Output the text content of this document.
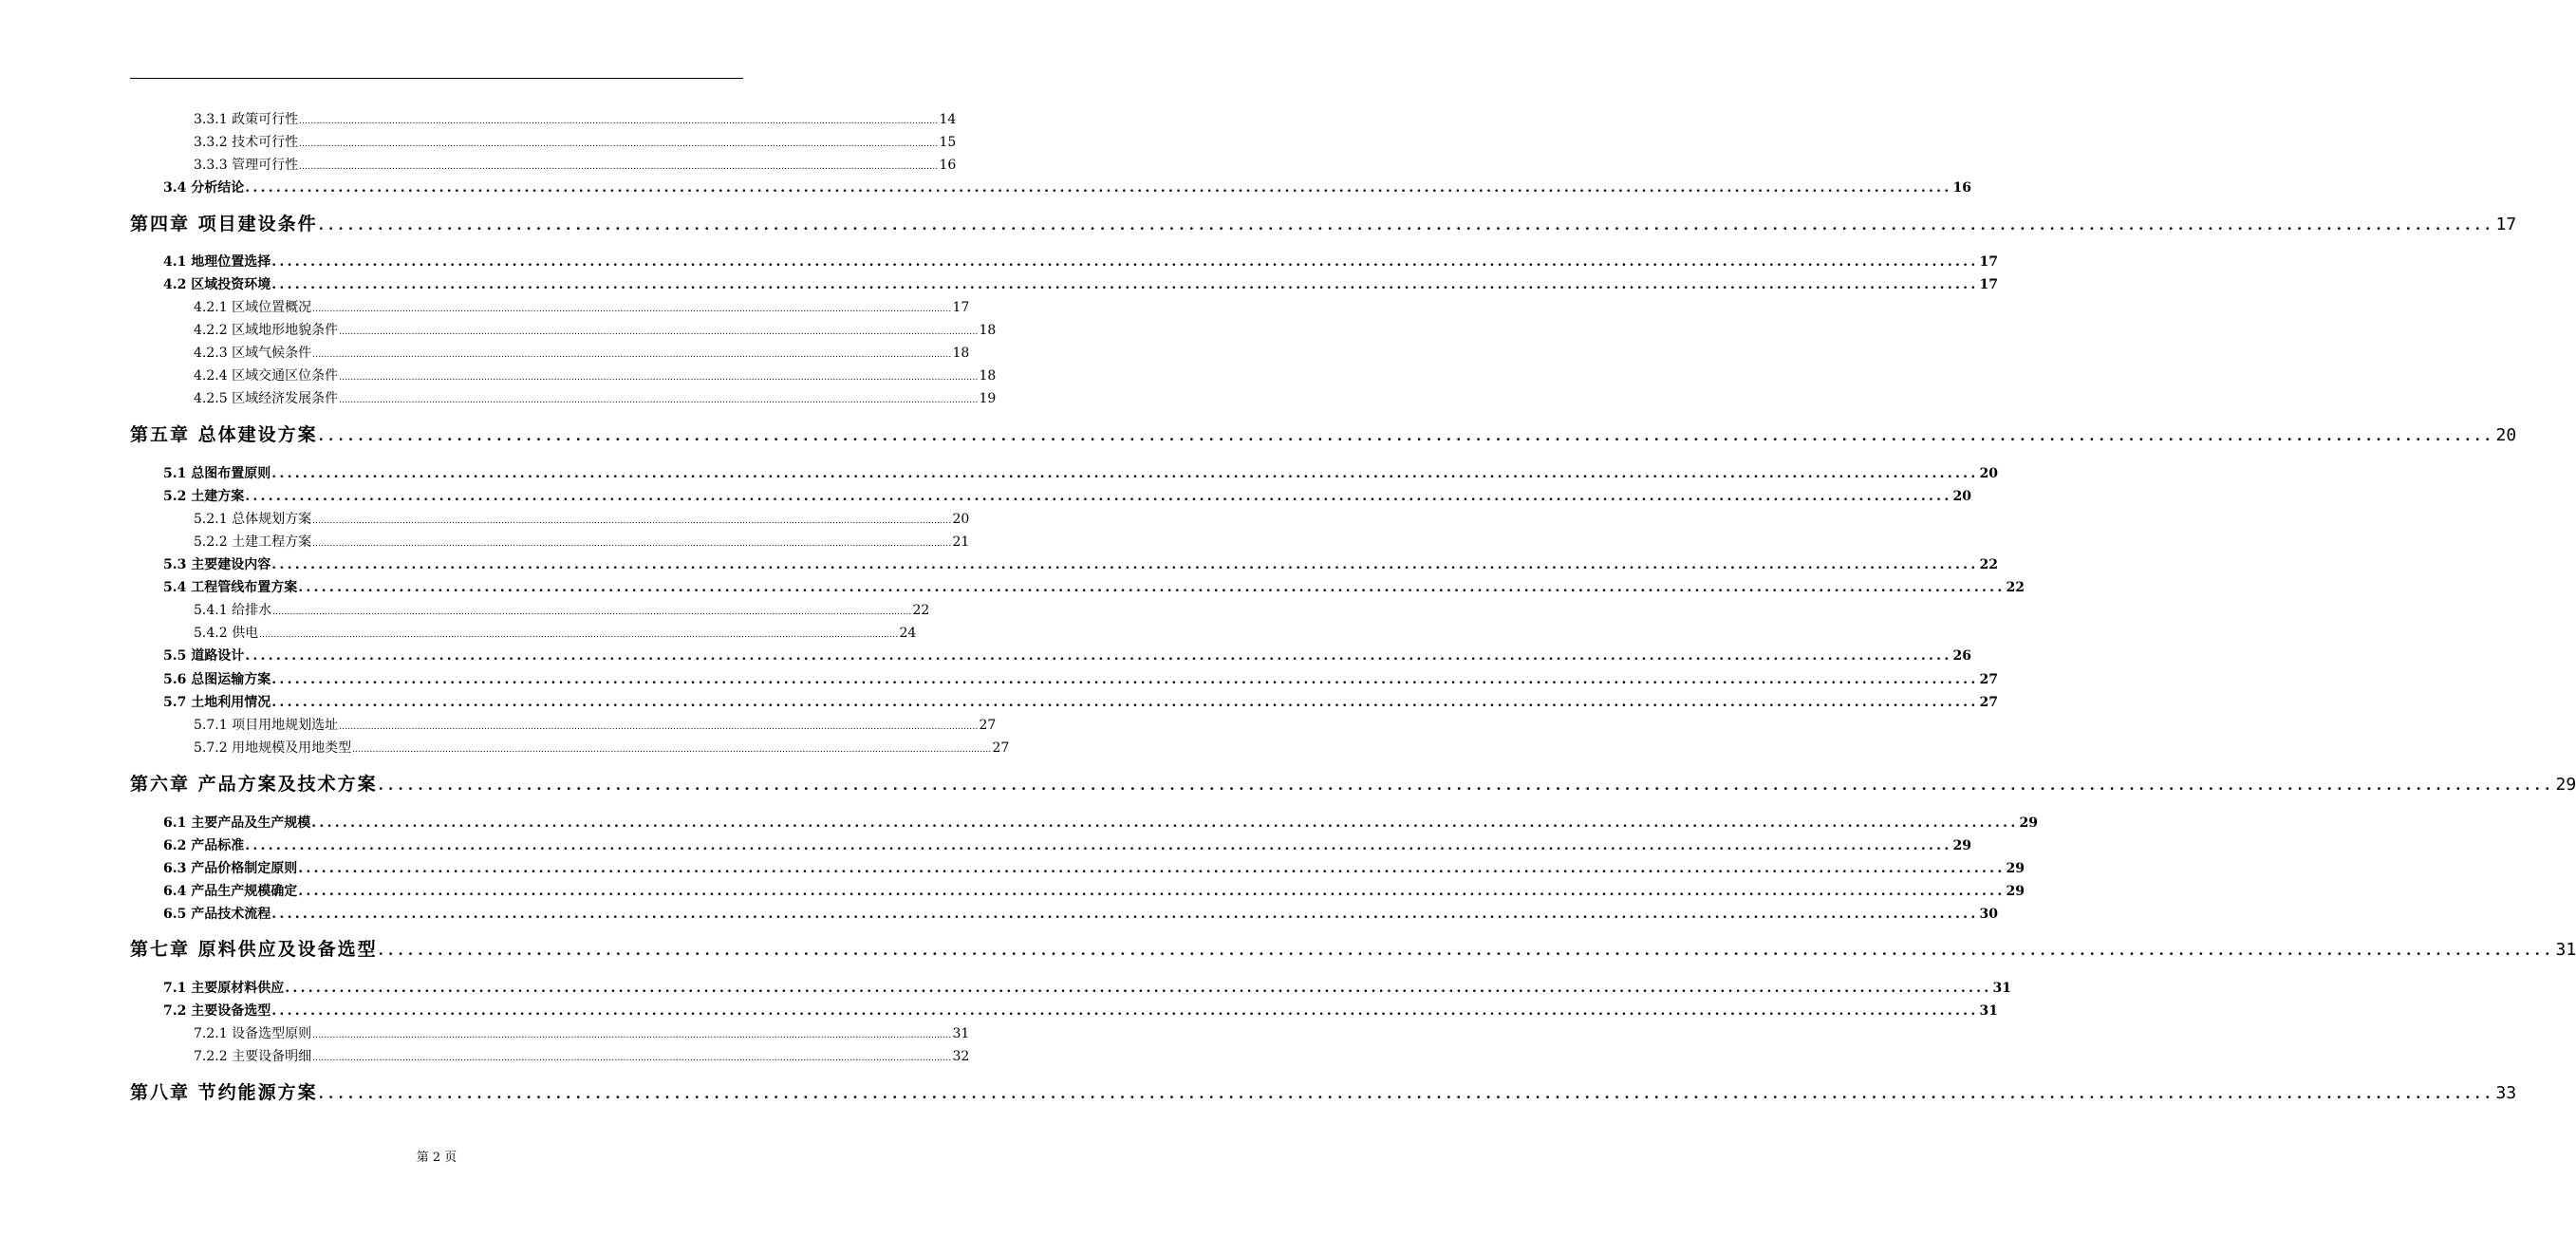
3.3.1 政策可行性 ............................................................................................................................................................................................................................ 14
3.3.2 技术可行性 ............................................................................................................................................................................................................................ 15
3.3.3 管理可行性 ............................................................................................................................................................................................................................ 16
3.4 分析结论 ............................................................................................................................................................................................................................ 16
第四章 项目建设条件 ............................................................................................................................................................................................................................ 17
4.1 地理位置选择 ............................................................................................................................................................................................................................ 17
4.2 区域投资环境 ............................................................................................................................................................................................................................ 17
4.2.1 区域位置概况 ............................................................................................................................................................................................................................ 17
4.2.2 区域地形地貌条件 ............................................................................................................................................................................................................................ 18
4.2.3 区域气候条件 ............................................................................................................................................................................................................................ 18
4.2.4 区域交通区位条件 ............................................................................................................................................................................................................................ 18
4.2.5 区域经济发展条件 ............................................................................................................................................................................................................................ 19
第五章 总体建设方案 ............................................................................................................................................................................................................................ 20
5.1 总图布置原则 ............................................................................................................................................................................................................................ 20
5.2 土建方案 ............................................................................................................................................................................................................................ 20
5.2.1 总体规划方案 ............................................................................................................................................................................................................................ 20
5.2.2 土建工程方案 ............................................................................................................................................................................................................................ 21
5.3 主要建设内容 ............................................................................................................................................................................................................................ 22
5.4 工程管线布置方案 ............................................................................................................................................................................................................................ 22
5.4.1 给排水 ............................................................................................................................................................................................................................ 22
5.4.2 供电 ............................................................................................................................................................................................................................ 24
5.5 道路设计 ............................................................................................................................................................................................................................ 26
5.6 总图运输方案 ............................................................................................................................................................................................................................ 27
5.7 土地利用情况 ............................................................................................................................................................................................................................ 27
5.7.1 项目用地规划选址 ............................................................................................................................................................................................................................ 27
5.7.2 用地规模及用地类型 ............................................................................................................................................................................................................................ 27
第六章 产品方案及技术方案 ............................................................................................................................................................................................................................ 29
6.1 主要产品及生产规模 ............................................................................................................................................................................................................................ 29
6.2 产品标准 ............................................................................................................................................................................................................................ 29
6.3 产品价格制定原则 ............................................................................................................................................................................................................................ 29
6.4 产品生产规模确定 ............................................................................................................................................................................................................................ 29
6.5 产品技术流程 ............................................................................................................................................................................................................................ 30
第七章 原料供应及设备选型 ............................................................................................................................................................................................................................ 31
7.1 主要原材料供应 ............................................................................................................................................................................................................................ 31
7.2 主要设备选型 ............................................................................................................................................................................................................................ 31
7.2.1 设备选型原则 ............................................................................................................................................................................................................................ 31
7.2.2 主要设备明细 ............................................................................................................................................................................................................................ 32
第八章 节约能源方案 ............................................................................................................................................................................................................................ 33
第 2 页
